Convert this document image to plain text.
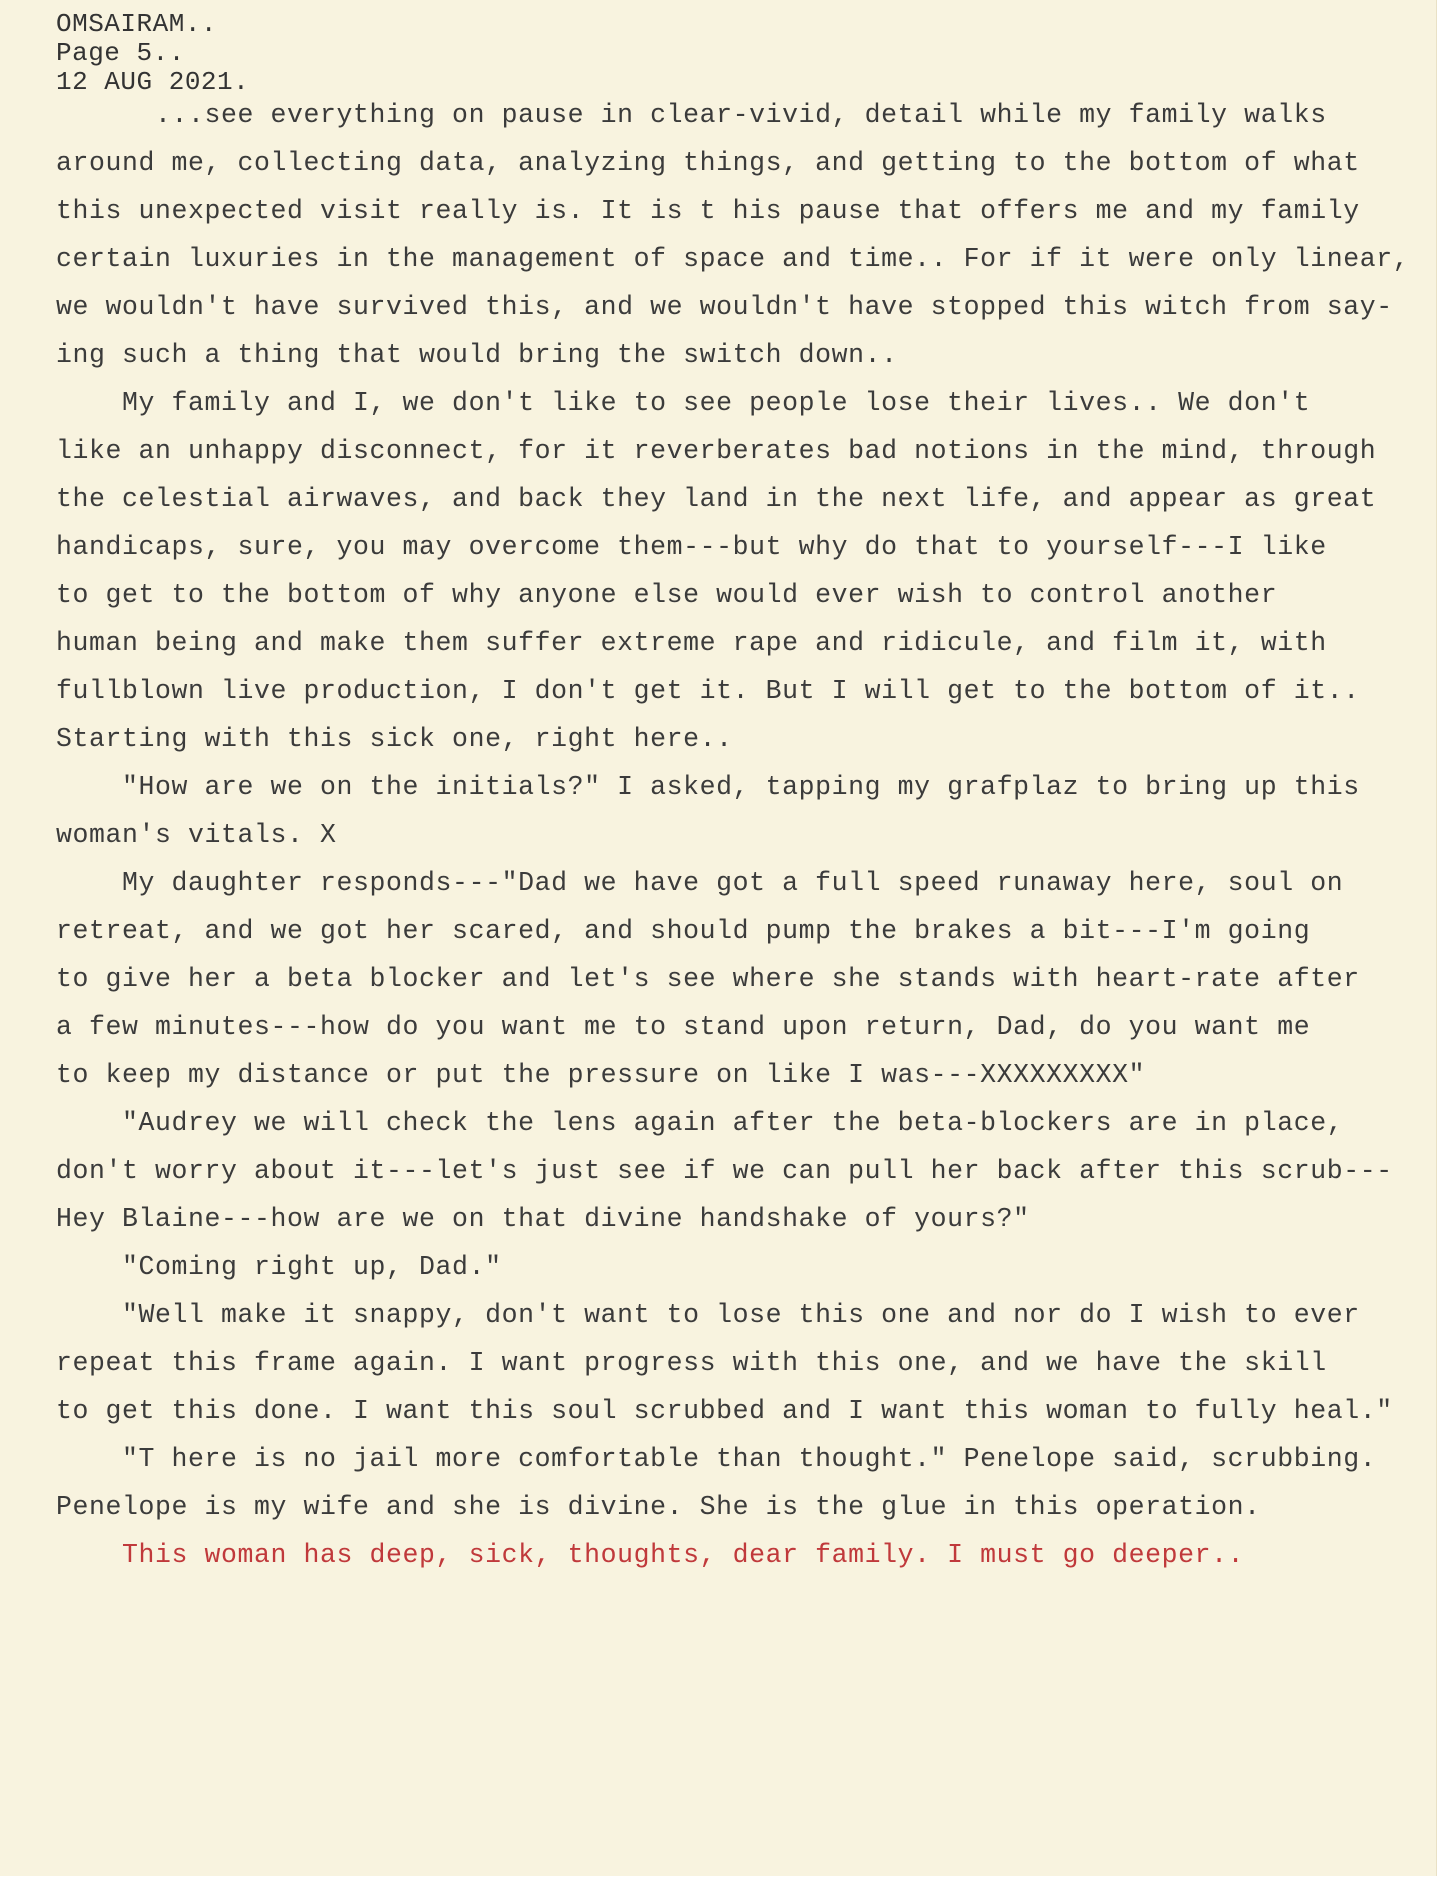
OMSAIRAM..
Page 5..
12 AUG 2021.
...see everything on pause in clear-vivid, detail while my family walks
around me, collecting data, analyzing things, and getting to the bottom of what
this unexpected visit really is. It is t his pause that offers me and my family
certain luxuries in the management of space and time.. For if it were only linear,
we wouldn't have survived this, and we wouldn't have stopped this witch from say-
ing such a thing that would bring the switch down..
My family and I, we don't like to see people lose their lives.. We don't
like an unhappy disconnect, for it reverberates bad notions in the mind, through
the celestial airwaves, and back they land in the next life, and appear as great
handicaps, sure, you may overcome them---but why do that to yourself---I like
to get to the bottom of why anyone else would ever wish to control another
human being and make them suffer extreme rape and ridicule, and film it, with
fullblown live production, I don't get it. But I will get to the bottom of it..
Starting with this sick one, right here..
"How are we on the initials?" I asked, tapping my grafplaz to bring up this
woman's vitals. X
My daughter responds---"Dad we have got a full speed runaway here, soul on
retreat, and we got her scared, and should pump the brakes a bit---I'm going
to give her a beta blocker and let's see where she stands with heart-rate after
a few minutes---how do you want me to stand upon return, Dad, do you want me
to keep my distance or put the pressure on like I was---XXXXXXXXX"
"Audrey we will check the lens again after the beta-blockers are in place,
don't worry about it---let's just see if we can pull her back after this scrub---
Hey Blaine---how are we on that divine handshake of yours?"
"Coming right up, Dad."
"Well make it snappy, don't want to lose this one and nor do I wish to ever
repeat this frame again. I want progress with this one, and we have the skill
to get this done. I want this soul scrubbed and I want this woman to fully heal."
"T here is no jail more comfortable than thought." Penelope said, scrubbing.
Penelope is my wife and she is divine. She is the glue in this operation.
This woman has deep, sick, thoughts, dear family. I must go deeper..
